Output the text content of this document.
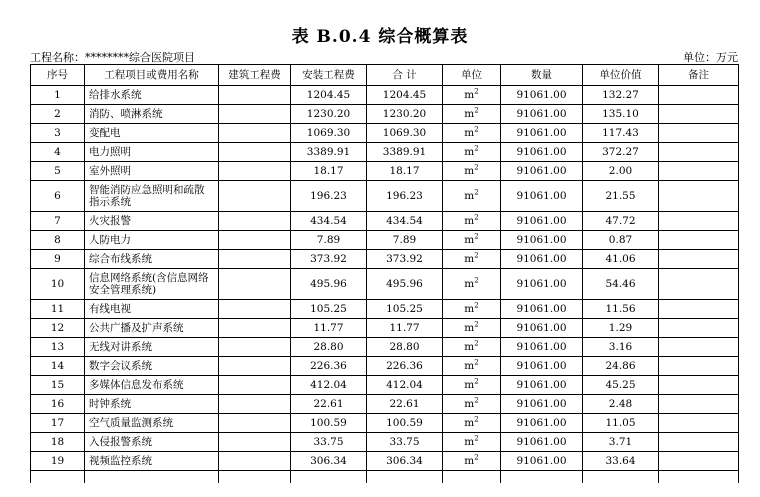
表 B.0.4 综合概算表
工程名称：********综合医院项目	单位：万元
序号	工程项目或费用名称	建筑工程费	安装工程费	合 计	单位	数量	单位价值	备注
1	给排水系统		1204.45	1204.45	$m^2$	91061.00	132.27	
2	消防、喷淋系统		1230.20	1230.20	$m^2$	91061.00	135.10	
3	变配电		1069.30	1069.30	$m^2$	91061.00	117.43	
4	电力照明		3389.91	3389.91	$m^2$	91061.00	372.27	
5	室外照明		18.17	18.17	$m^2$	91061.00	2.00	
6	智能消防应急照明和疏散指示系统		196.23	196.23	$m^2$	91061.00	21.55	
7	火灾报警		434.54	434.54	$m^2$	91061.00	47.72	
8	人防电力		7.89	7.89	$m^2$	91061.00	0.87	
9	综合布线系统		373.92	373.92	$m^2$	91061.00	41.06	
10	信息网络系统(含信息网络安全管理系统)		495.96	495.96	$m^2$	91061.00	54.46	
11	有线电视		105.25	105.25	$m^2$	91061.00	11.56	
12	公共广播及扩声系统		11.77	11.77	$m^2$	91061.00	1.29	
13	无线对讲系统		28.80	28.80	$m^2$	91061.00	3.16	
14	数字会议系统		226.36	226.36	$m^2$	91061.00	24.86	
15	多媒体信息发布系统		412.04	412.04	$m^2$	91061.00	45.25	
16	时钟系统		22.61	22.61	$m^2$	91061.00	2.48	
17	空气质量监测系统		100.59	100.59	$m^2$	91061.00	11.05	
18	入侵报警系统		33.75	33.75	$m^2$	91061.00	3.71	
19	视频监控系统		306.34	306.34	$m^2$	91061.00	33.64	
